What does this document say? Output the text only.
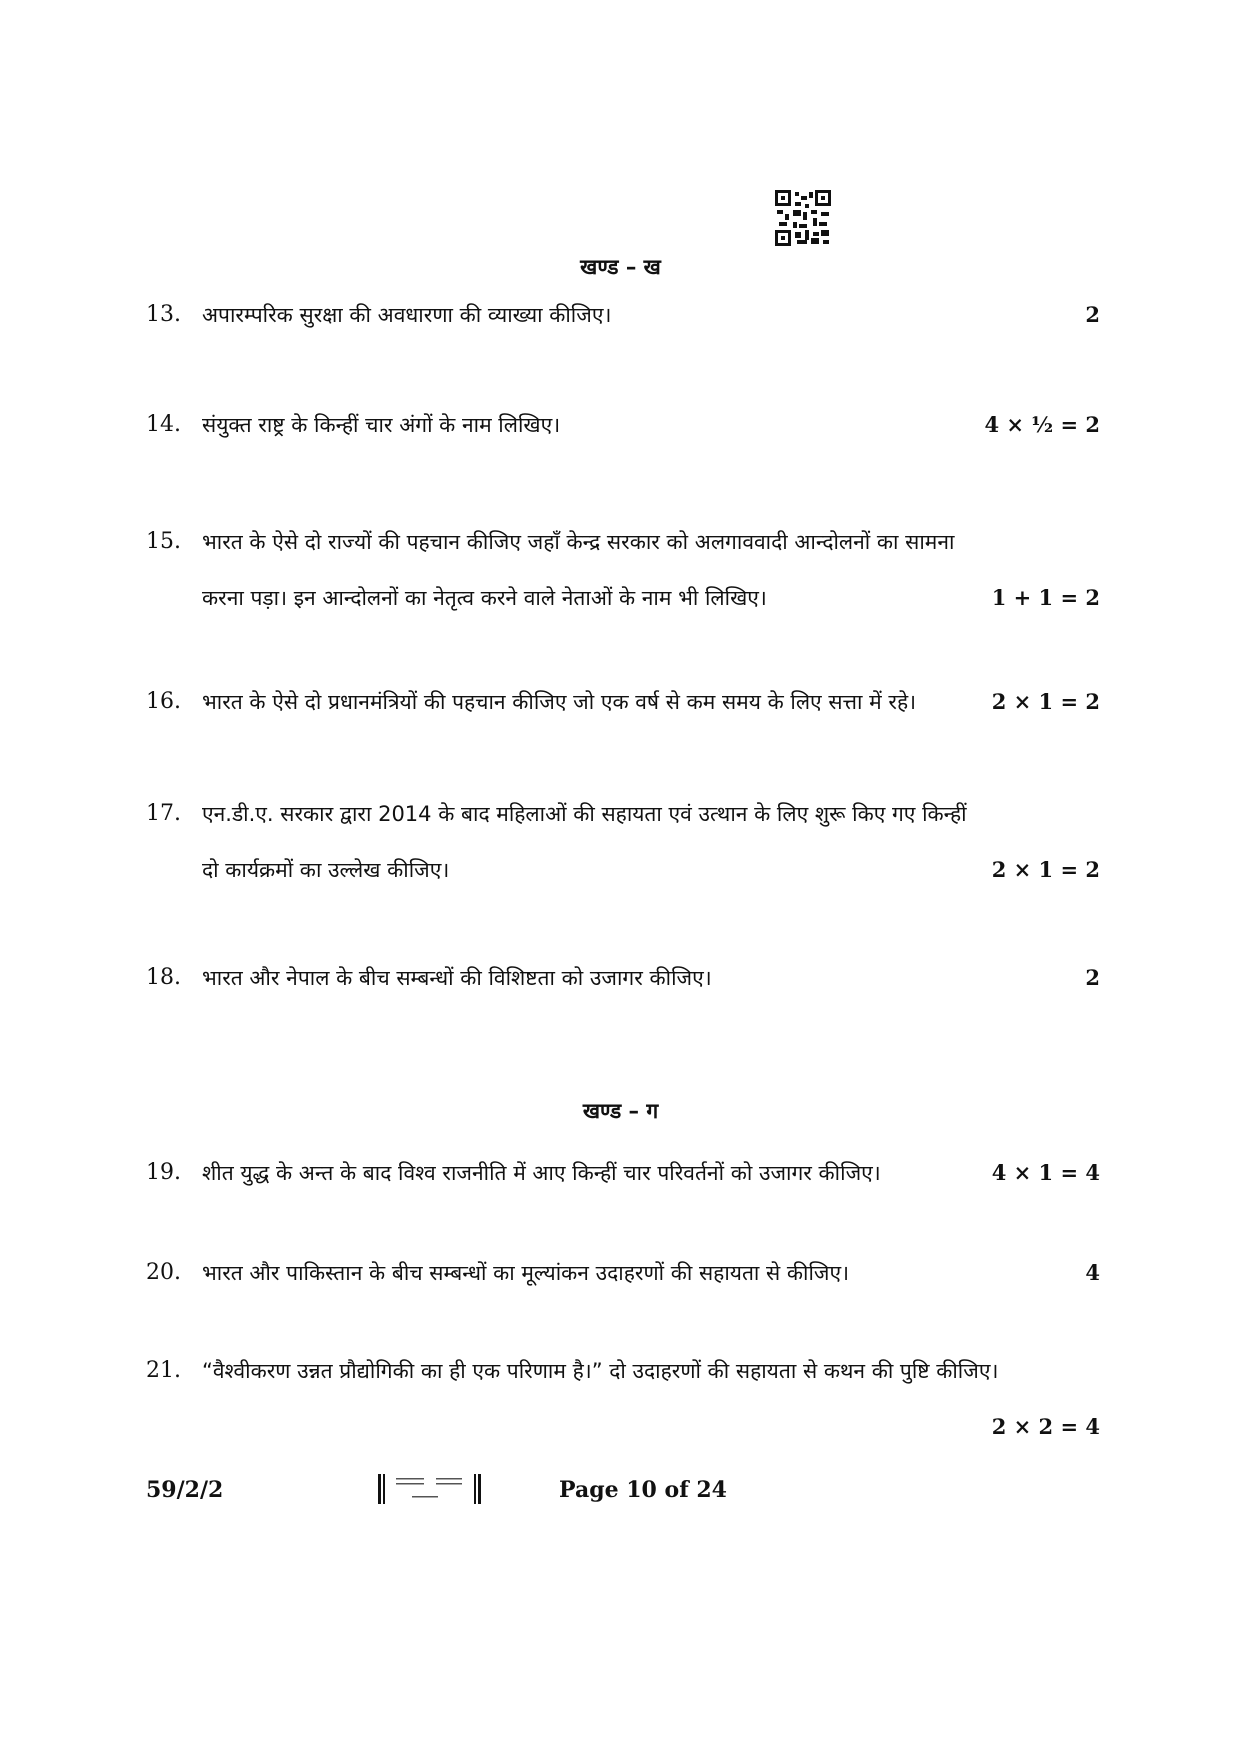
खण्ड – ख
13. अपारम्परिक सुरक्षा की अवधारणा की व्याख्या कीजिए।	2
14. संयुक्त राष्ट्र के किन्हीं चार अंगों के नाम लिखिए।	4 × ½ = 2
15. भारत के ऐसे दो राज्यों की पहचान कीजिए जहाँ केन्द्र सरकार को अलगाववादी आन्दोलनों का सामना
करना पड़ा। इन आन्दोलनों का नेतृत्व करने वाले नेताओं के नाम भी लिखिए।	1 + 1 = 2
16. भारत के ऐसे दो प्रधानमंत्रियों की पहचान कीजिए जो एक वर्ष से कम समय के लिए सत्ता में रहे।	2 × 1 = 2
17. एन.डी.ए. सरकार द्वारा 2014 के बाद महिलाओं की सहायता एवं उत्थान के लिए शुरू किए गए किन्हीं
दो कार्यक्रमों का उल्लेख कीजिए।	2 × 1 = 2
18. भारत और नेपाल के बीच सम्बन्धों की विशिष्टता को उजागर कीजिए।	2
खण्ड – ग
19. शीत युद्ध के अन्त के बाद विश्व राजनीति में आए किन्हीं चार परिवर्तनों को उजागर कीजिए।	4 × 1 = 4
20. भारत और पाकिस्तान के बीच सम्बन्धों का मूल्यांकन उदाहरणों की सहायता से कीजिए।	4
21. “वैश्वीकरण उन्नत प्रौद्योगिकी का ही एक परिणाम है।” दो उदाहरणों की सहायता से कथन की पुष्टि कीजिए।
2 × 2 = 4
59/2/2	Page 10 of 24
